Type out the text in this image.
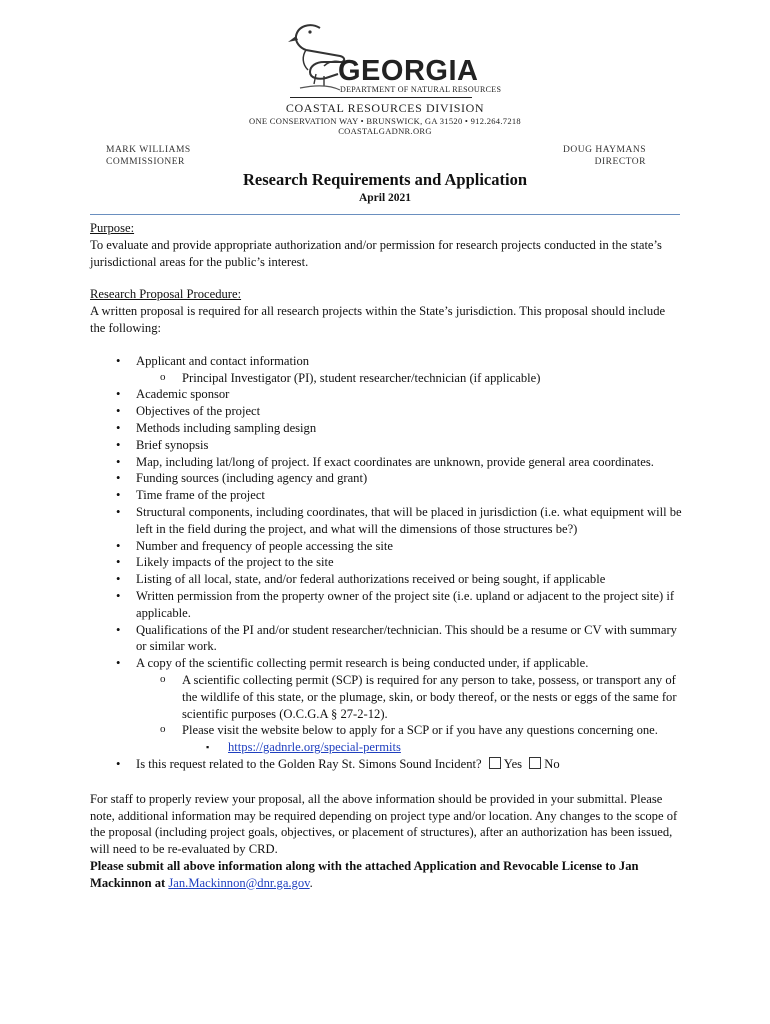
GEORGIA
DEPARTMENT OF NATURAL RESOURCES
COASTAL RESOURCES DIVISION
ONE CONSERVATION WAY • BRUNSWICK, GA 31520 • 912.264.7218
COASTALGADNR.ORG
MARK WILLIAMS
COMMISSIONER
DOUG HAYMANS
DIRECTOR
Research Requirements and Application
April 2021

Purpose:

To evaluate and provide appropriate authorization and/or permission for research projects conducted in the state’s jurisdictional areas for the public’s interest.

Research Proposal Procedure:

A written proposal is required for all research projects within the State’s jurisdiction. This proposal should include the following:

• Applicant and contact information
o Principal Investigator (PI), student researcher/technician (if applicable)
• Academic sponsor
• Objectives of the project
• Methods including sampling design
• Brief synopsis
• Map, including lat/long of project. If exact coordinates are unknown, provide general area coordinates.
• Funding sources (including agency and grant)
• Time frame of the project
• Structural components, including coordinates, that will be placed in jurisdiction (i.e. what equipment will be left in the field during the project, and what will the dimensions of those structures be?)
• Number and frequency of people accessing the site
• Likely impacts of the project to the site
• Listing of all local, state, and/or federal authorizations received or being sought, if applicable
• Written permission from the property owner of the project site (i.e. upland or adjacent to the project site) if applicable.
• Qualifications of the PI and/or student researcher/technician. This should be a resume or CV with summary or similar work.
• A copy of the scientific collecting permit research is being conducted under, if applicable.
o A scientific collecting permit (SCP) is required for any person to take, possess, or transport any of the wildlife of this state, or the plumage, skin, or body thereof, or the nests or eggs of the same for scientific purposes (O.C.G.A § 27-2-12).
o Please visit the website below to apply for a SCP or if you have any questions concerning one.
▪ https://gadnrle.org/special-permits
• Is this request related to the Golden Ray St. Simons Sound Incident? Yes No

For staff to properly review your proposal, all the above information should be provided in your submittal. Please note, additional information may be required depending on project type and/or location. Any changes to the scope of the proposal (including project goals, objectives, or placement of structures), after an authorization has been issued, will need to be re-evaluated by CRD.

Please submit all above information along with the attached Application and Revocable License to Jan Mackinnon at Jan.Mackinnon@dnr.ga.gov.
